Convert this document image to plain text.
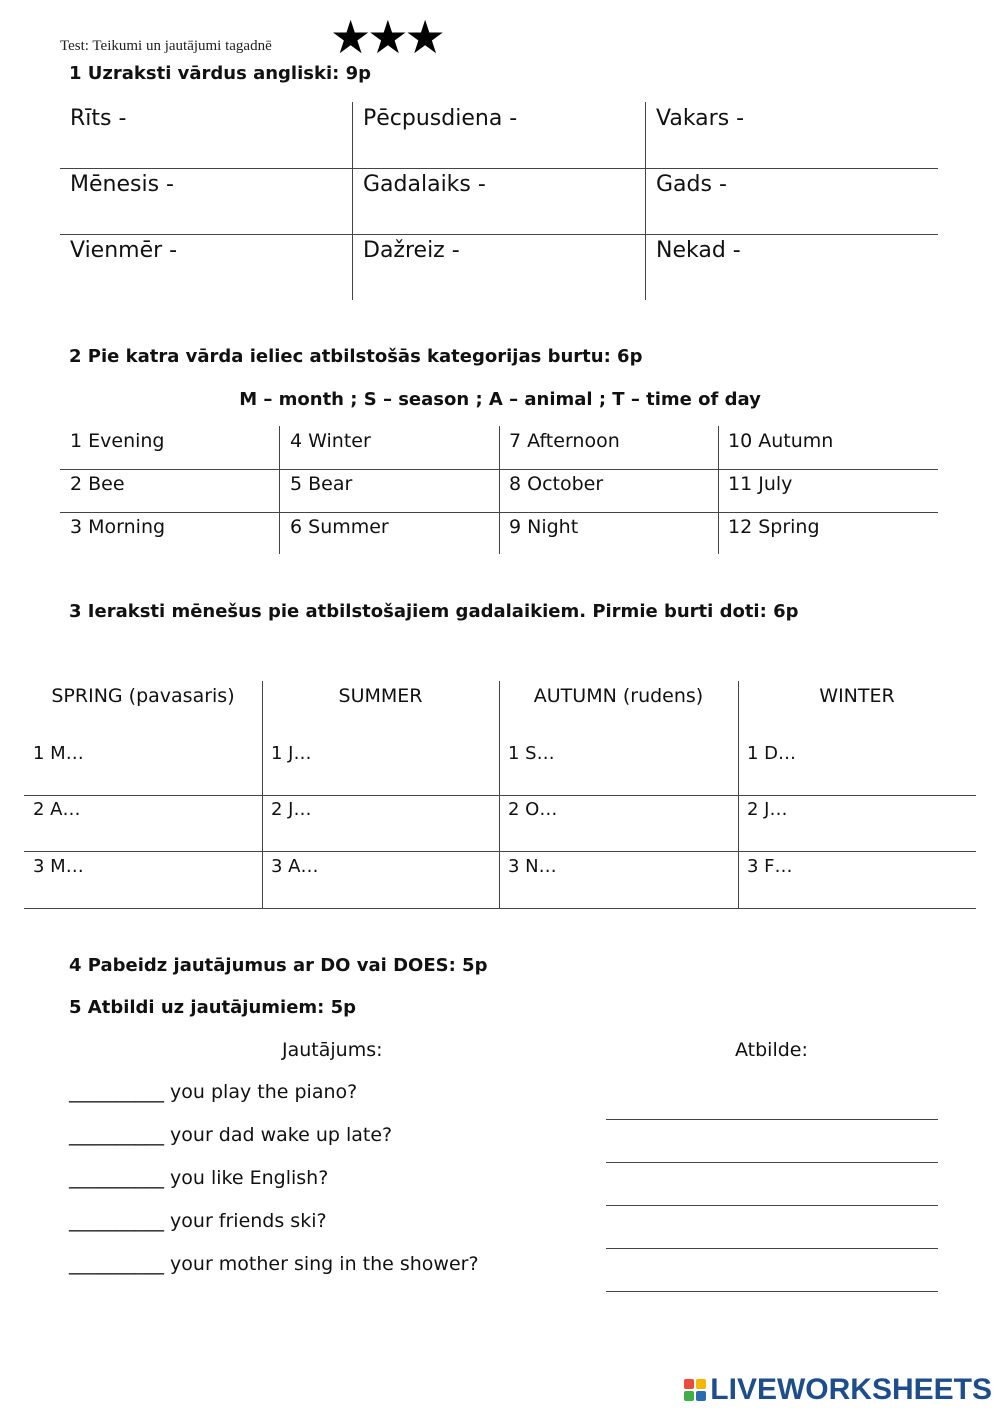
Test: Teikumi un jautājumi tagadnē ★★★
1 Uzraksti vārdus angliski: 9p
Rīts -	Pēcpusdiena -	Vakars -
Mēnesis -	Gadalaiks -	Gads -
Vienmēr -	Dažreiz -	Nekad -
2 Pie katra vārda ieliec atbilstošās kategorijas burtu: 6p
M – month ; S – season ; A – animal ; T – time of day
1 Evening	4 Winter	7 Afternoon	10 Autumn
2 Bee	5 Bear	8 October	11 July
3 Morning	6 Summer	9 Night	12 Spring
3 Ieraksti mēnešus pie atbilstošajiem gadalaikiem. Pirmie burti doti: 6p
SPRING (pavasaris)	SUMMER	AUTUMN (rudens)	WINTER
1 M…	1 J…	1 S…	1 D…
2 A…	2 J…	2 O…	2 J…
3 M…	3 A…	3 N…	3 F…
4 Pabeidz jautājumus ar DO vai DOES: 5p
5 Atbildi uz jautājumiem: 5p
Jautājums:	Atbilde:
__________ you play the piano?
__________ your dad wake up late?
__________ you like English?
__________ your friends ski?
__________ your mother sing in the shower?
LIVEWORKSHEETS
